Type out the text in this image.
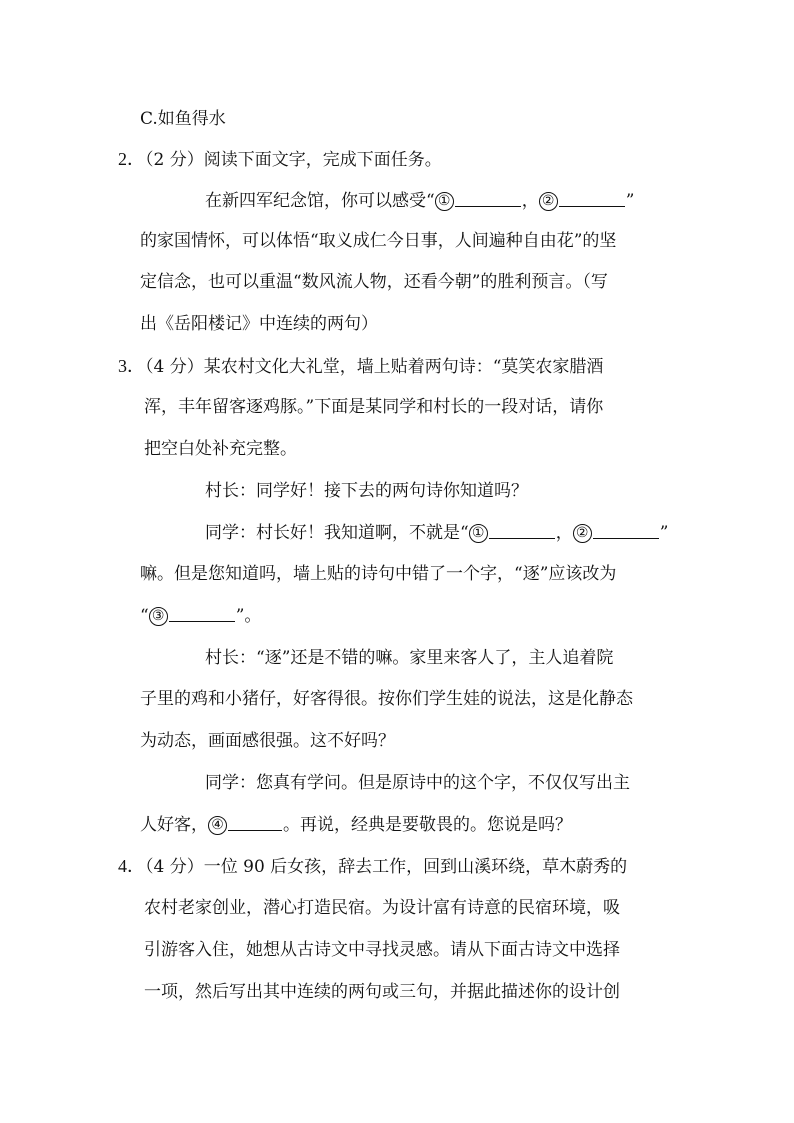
C.如鱼得水
2．（2 分）阅读下面文字，完成下面任务。
在新四军纪念馆，你可以感受“ ①	， ②	”
的家国情怀，可以体悟“取义成仁今日事，人间遍种自由花”的坚
定信念，也可以重温“数风流人物，还看今朝”的胜利预言。（写
出《岳阳楼记》中连续的两句）
3．（4 分）某农村文化大礼堂，墙上贴着两句诗：“莫笑农家腊酒
浑，丰年留客逐鸡豚。”下面是某同学和村长的一段对话，请你
把空白处补充完整。
村长：同学好！接下去的两句诗你知道吗？
同学：村长好！我知道啊，不就是“ ①	， ②	”
嘛。但是您知道吗，墙上贴的诗句中错了一个字，“逐”应该改为
“ ③	”。
村长：“逐”还是不错的嘛。家里来客人了，主人追着院
子里的鸡和小猪仔，好客得很。按你们学生娃的说法，这是化静态
为动态，画面感很强。这不好吗？
同学：您真有学问。但是原诗中的这个字，不仅仅写出主
人好客， ④	。再说，经典是要敬畏的。您说是吗？
4．（4 分）一位 90 后女孩，辞去工作，回到山溪环绕，草木蔚秀的
农村老家创业，潜心打造民宿。为设计富有诗意的民宿环境，吸
引游客入住，她想从古诗文中寻找灵感。请从下面古诗文中选择
一项，然后写出其中连续的两句或三句，并据此描述你的设计创
